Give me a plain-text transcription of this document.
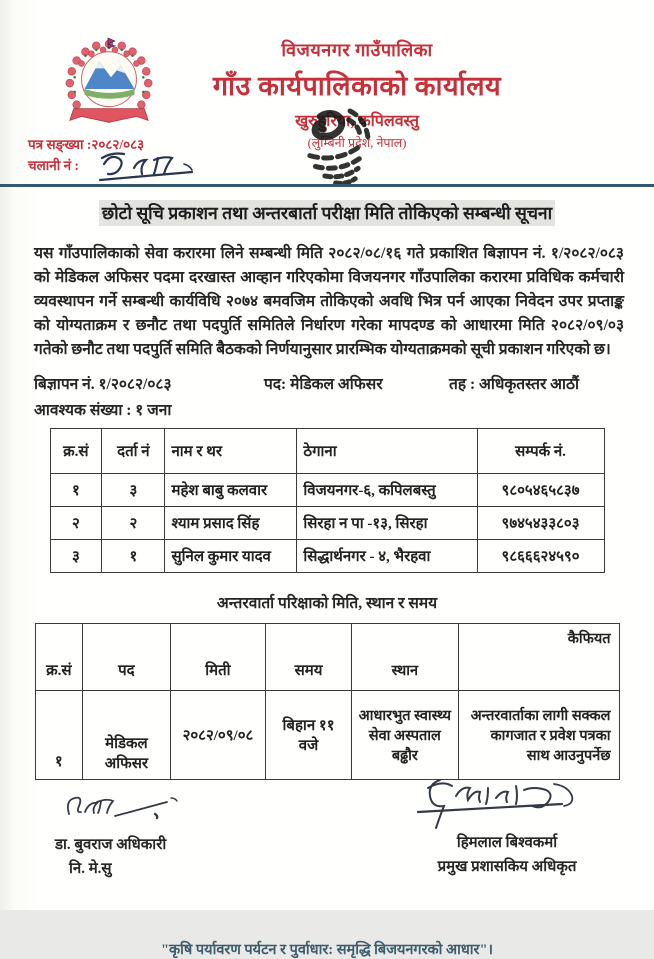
विजयनगर गाउँपालिका
गाँउ कार्यपालिकाको कार्यालय
खुरुहुरिया, कपिलवस्तु
(लुम्बिनी प्रदेश, नेपाल)
पत्र सङ्ख्या :२०८२/०८३
चलानी नं :
छोटो सूचि प्रकाशन तथा अन्तरबार्ता परीक्षा मिति तोकिएको सम्बन्धी सूचना

यस गाँउपालिकाको सेवा करारमा लिने सम्बन्धी मिति २०८२/०८/१६ गते प्रकाशित बिज्ञापन नं. १/२०८२/०८३ को मेडिकल अफिसर पदमा दरखास्त आव्हान गरिएकोमा विजयनगर गाँउपालिका करारमा प्रविधिक कर्मचारी व्यवस्थापन गर्ने सम्बन्धी कार्यविधि २०७४ बमवजिम तोकिएको अवधि भित्र पर्न आएका निवेदन उपर प्रप्ताङ्क को योग्यताक्रम र छनौट तथा पदपुर्ति समितिले निर्धारण गरेका मापदण्ड को आधारमा मिति २०८२/०९/०३ गतेको छनौट तथा पदपुर्ति समिति बैठकको निर्णयानुसार प्रारम्भिक योग्यताक्रमको सूची प्रकाशन गरिएको छ।

बिज्ञापन नं. १/२०८२/०८३	पद: मेडिकल अफिसर	तह : अधिकृतस्तर आठौं
आवश्यक संख्या : १ जना
क्र.सं	दर्ता नं	नाम र थर	ठेगाना	सम्पर्क नं.
१	३	महेश बाबु कलवार	विजयनगर-६, कपिलबस्तु	९८०५४६५८३७
२	२	श्याम प्रसाद सिंह	सिरहा न पा -१३, सिरहा	९७४५४३३८०३
३	१	सुनिल कुमार यादव	सिद्धार्थनगर - ४, भैरहवा	९८६६६२४५९०
अन्तरवार्ता परिक्षाको मिति, स्थान र समय
क्र.सं	पद	मिती	समय	स्थान	कैफियत
१	मेडिकल अफिसर	२०८२/०९/०८	बिहान ११ वजे	आधारभुत स्वास्थ्य सेवा अस्पताल बढ्ढौर	अन्तरवार्ताका लागी सक्कल कागजात र प्रवेश पत्रका साथ आउनुपर्नेछ
डा. बुवराज अधिकारी
नि. मे.सु
हिमलाल बिश्वकर्मा
प्रमुख प्रशासकिय अधिकृत
"कृषि पर्यावरण पर्यटन र पुर्वाधार: समृद्धि बिजयनगरको आधार"।
